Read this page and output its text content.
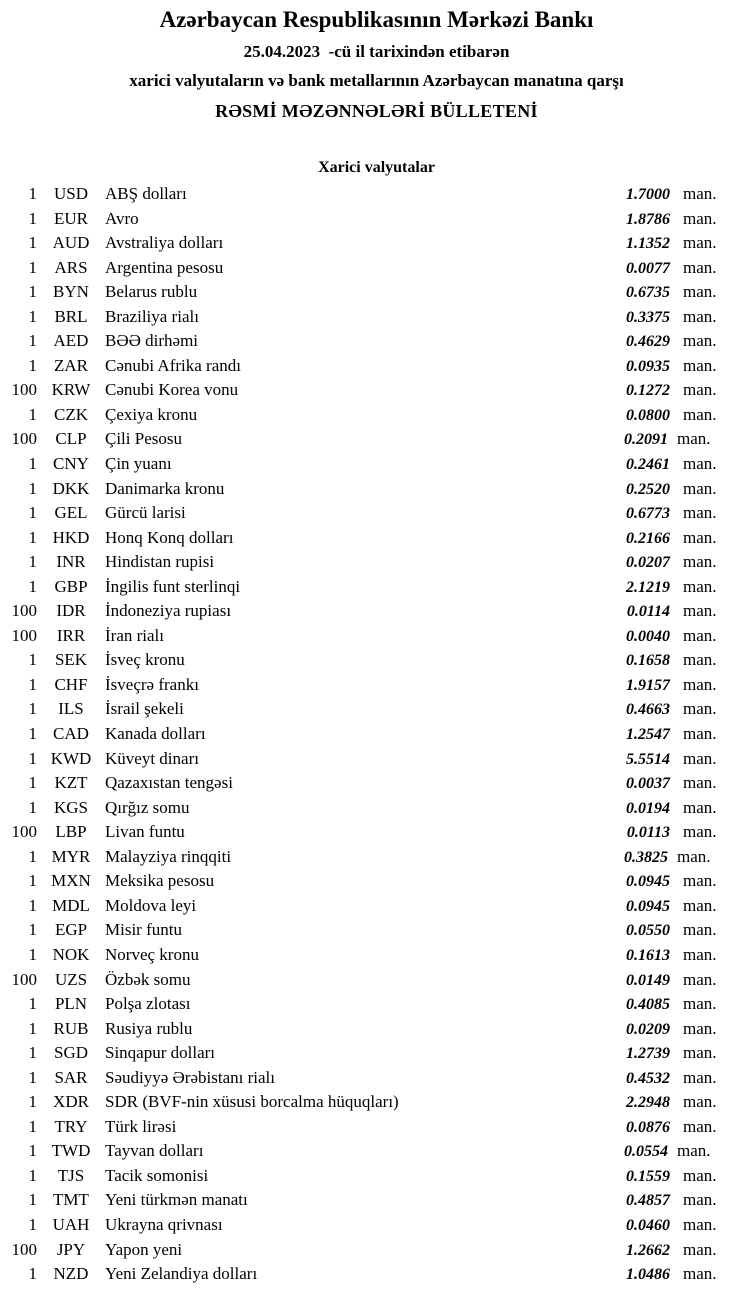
Azərbaycan Respublikasının Mərkəzi Bankı
25.04.2023  -cü il tarixindən etibarən
xarici valyutaların və bank metallarının Azərbaycan manatına qarşı
RƏSMİ MƏZƏNNƏLƏRİ BÜLLETENİ
Xarici valyutalar
1 USD	ABŞ dolları	1.7000 man.
1	EUR	Avro	1.8786 man.
1 AUD Avstraliya dolları	1.1352 man.
1	ARS	Argentina pesosu	0.0077 man.
1 BYN Belarus rublu	0.6735 man.
1	BRL	Braziliya rialı	0.3375 man.
1 AED BƏƏ dirhəmi	0.4629 man.
1	ZAR	Cənubi Afrika randı	0.0935 man.
100 KRW Cənubi Korea vonu	0.1272 man.
1	CZK	Çexiya kronu	0.0800 man.
100	CLP	Çili Pesosu	0.2091 man.
1 CNY Çin yuanı	0.2461 man.
1 DKK Danimarka kronu	0.2520 man.
1	GEL	Gürcü larisi	0.6773 man.
1 HKD Honq Konq dolları	0.2166 man.
1	INR	Hindistan rupisi	0.0207 man.
1	GBP	İngilis funt sterlinqi	2.1219 man.
100	IDR	İndoneziya rupiası	0.0114 man.
100	IRR	İran rialı	0.0040 man.
1	SEK	İsveç kronu	0.1658 man.
1	CHF	İsveçrə frankı	1.9157 man.
1	ILS	İsrail şekeli	0.4663 man.
1 CAD Kanada dolları	1.2547 man.
1 KWD Küveyt dinarı	5.5514 man.
1	KZT	Qazaxıstan tengəsi	0.0037 man.
1 KGS	Qırğız somu	0.0194 man.
100	LBP	Livan funtu	0.0113 man.
1 MYR Malayziya rinqqiti	0.3825 man.
1 MXN Meksika pesosu	0.0945 man.
1 MDL Moldova leyi	0.0945 man.
1	EGP	Misir funtu	0.0550 man.
1 NOK Norveç kronu	0.1613 man.
100	UZS	Özbək somu	0.0149 man.
1	PLN	Polşa zlotası	0.4085 man.
1 RUB Rusiya rublu	0.0209 man.
1 SGD	Sinqapur dolları	1.2739 man.
1	SAR	Səudiyyə Ərəbistanı rialı	0.4532 man.
1 XDR SDR (BVF-nin xüsusi borcalma hüquqları)	2.2948 man.
1	TRY	Türk lirəsi	0.0876 man.
1 TWD Tayvan dolları	0.0554 man.
1	TJS	Tacik somonisi	0.1559 man.
1 TMT Yeni türkmən manatı	0.4857 man.
1 UAH Ukrayna qrivnası	0.0460 man.
100	JPY	Yapon yeni	1.2662 man.
1 NZD Yeni Zelandiya dolları	1.0486 man.
